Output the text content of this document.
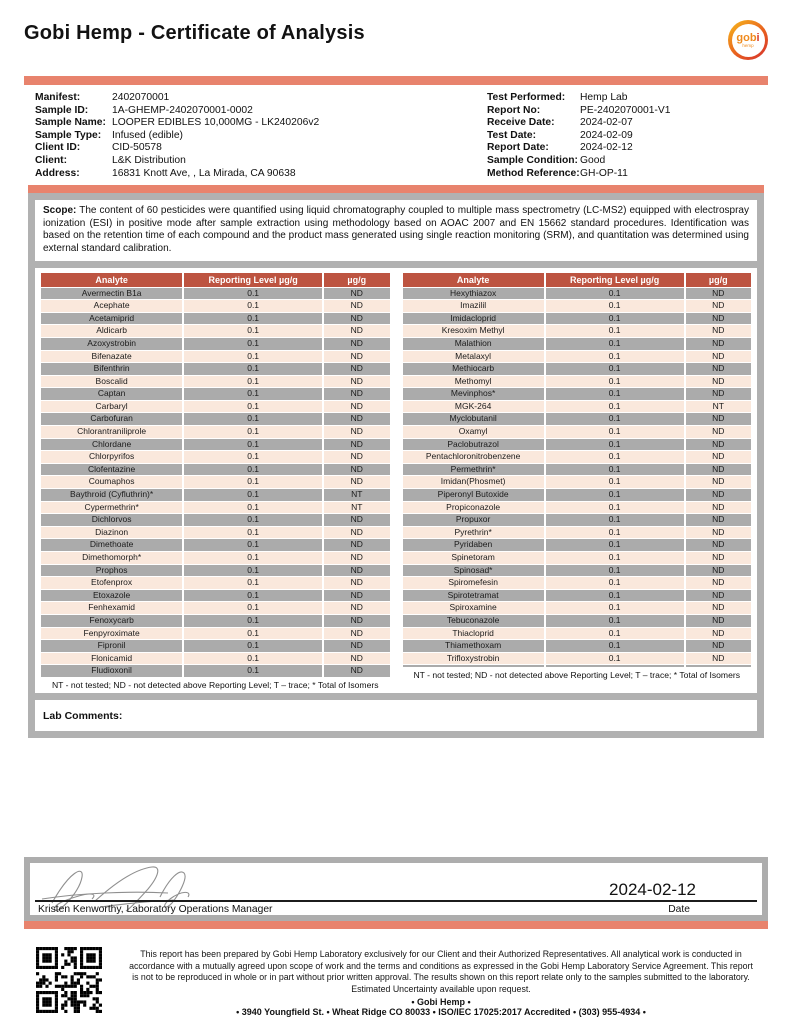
Gobi Hemp - Certificate of Analysis	gobi
hemp
Manifest:	2402070001
Sample ID:	1A-GHEMP-2402070001-0002
Sample Name: LOOPER EDIBLES 10,000MG - LK240206v2
Sample Type:	Infused (edible)
Client ID:	CID-50578
Client:	L&K Distribution
Address:	16831 Knott Ave, , La Mirada, CA 90638
Test Performed:	Hemp Lab
Report No:	PE-2402070001-V1
Receive Date:	2024-02-07
Test Date:	2024-02-09
Report Date:	2024-02-12
Sample Condition: Good
Method Reference: GH-OP-11
Scope: The content of 60 pesticides were quantified using liquid chromatography coupled to multiple mass spectrometry (LC-MS2) equipped with electrospray ionization (ESI) in positive mode after sample extraction using methodology based on AOAC 2007 and EN 15662 standard procedures. Identification was based on the retention time of each compound and the product mass generated using single reaction monitoring (SRM), and quantitation was determined using external standard calibration.
Analyte	Reporting Level µg/g	µg/g
Avermectin B1a	0.1	ND
Acephate	0.1	ND
Acetamiprid	0.1	ND
Aldicarb	0.1	ND
Azoxystrobin	0.1	ND
Bifenazate	0.1	ND
Bifenthrin	0.1	ND
Boscalid	0.1	ND
Captan	0.1	ND
Carbaryl	0.1	ND
Carbofuran	0.1	ND
Chlorantraniliprole	0.1	ND
Chlordane	0.1	ND
Chlorpyrifos	0.1	ND
Clofentazine	0.1	ND
Coumaphos	0.1	ND
Baythroid (Cyfluthrin)*	0.1	NT
Cypermethrin*	0.1	NT
Dichlorvos	0.1	ND
Diazinon	0.1	ND
Dimethoate	0.1	ND
Dimethomorph*	0.1	ND
Prophos	0.1	ND
Etofenprox	0.1	ND
Etoxazole	0.1	ND
Fenhexamid	0.1	ND
Fenoxycarb	0.1	ND
Fenpyroximate	0.1	ND
Fipronil	0.1	ND
Flonicamid	0.1	ND
Fludioxonil	0.1	ND
NT - not tested; ND - not detected above Reporting Level; T – trace; * Total of Isomers
Analyte	Reporting Level µg/g	µg/g
Hexythiazox	0.1	ND
Imazilil	0.1	ND
Imidacloprid	0.1	ND
Kresoxim Methyl	0.1	ND
Malathion	0.1	ND
Metalaxyl	0.1	ND
Methiocarb	0.1	ND
Methomyl	0.1	ND
Mevinphos*	0.1	ND
MGK-264	0.1	NT
Myclobutanil	0.1	ND
Oxamyl	0.1	ND
Paclobutrazol	0.1	ND
Pentachloronitrobenzene	0.1	ND
Permethrin*	0.1	ND
Imidan(Phosmet)	0.1	ND
Piperonyl Butoxide	0.1	ND
Propiconazole	0.1	ND
Propuxor	0.1	ND
Pyrethrin*	0.1	ND
Pyridaben	0.1	ND
Spinetoram	0.1	ND
Spinosad*	0.1	ND
Spiromefesin	0.1	ND
Spirotetramat	0.1	ND
Spiroxamine	0.1	ND
Tebuconazole	0.1	ND
Thiacloprid	0.1	ND
Thiamethoxam	0.1	ND
Trifloxystrobin	0.1	ND

NT - not tested; ND - not detected above Reporting Level; T – trace; * Total of Isomers
Lab Comments:
2024-02-12
Kristen Kenworthy, Laboratory Operations Manager	Date
This report has been prepared by Gobi Hemp Laboratory exclusively for our Client and their Authorized Representatives. All analytical work is conducted in accordance with a mutually agreed upon scope of work and the terms and conditions as expressed in the Gobi Hemp Laboratory Service Agreement. This report is not to be reproduced in whole or in part without prior written approval. The results shown on this report relate only to the samples submitted to the laboratory. Estimated Uncertainty available upon request.
• Gobi Hemp •
• 3940 Youngfield St. • Wheat Ridge CO 80033 • ISO/IEC 17025:2017 Accredited • (303) 955-4934 •
